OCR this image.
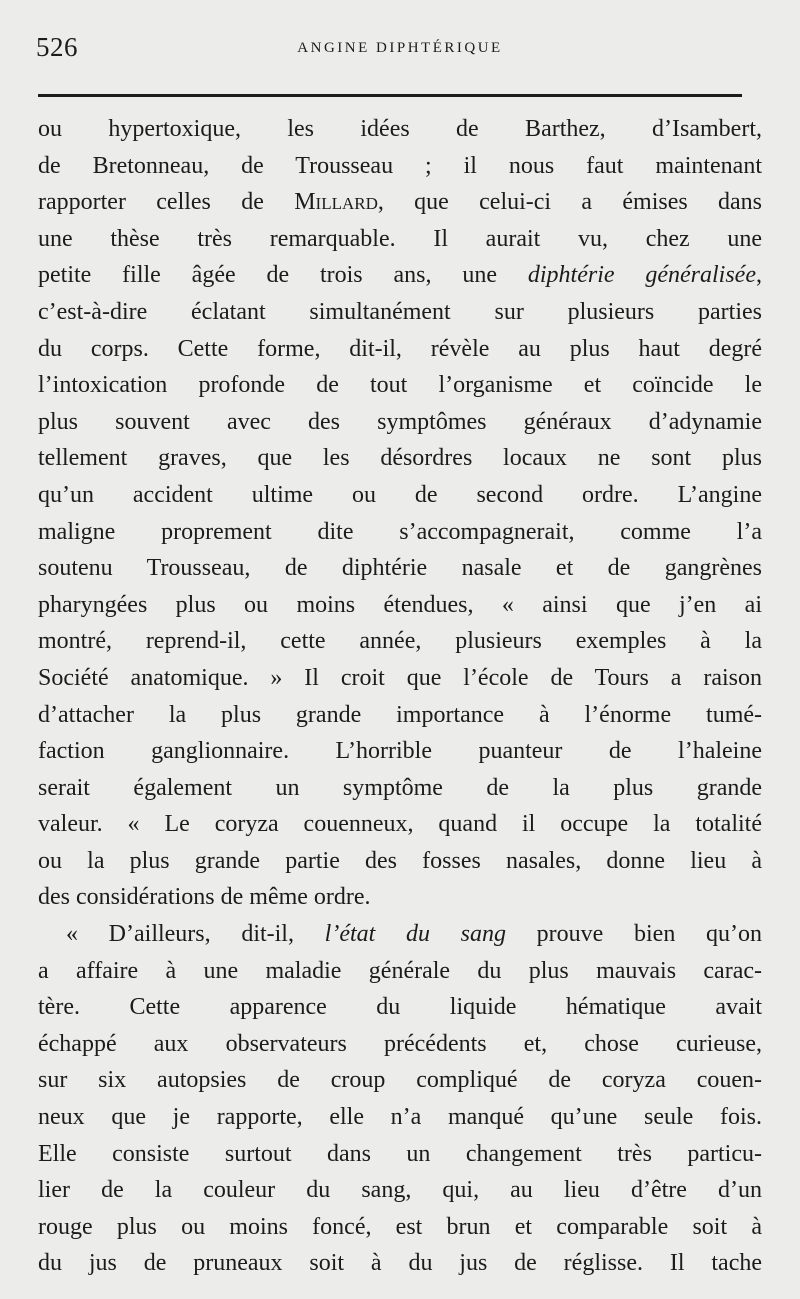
526	ANGINE DIPHTÉRIQUE
ou hypertoxique, les idées de Barthez, d’Isambert,
de Bretonneau, de Trousseau ; il nous faut maintenant
rapporter celles de Millard, que celui-ci a émises dans
une thèse très remarquable. Il aurait vu, chez une
petite fille âgée de trois ans, une diphtérie généralisée,
c’est-à-dire éclatant simultanément sur plusieurs parties
du corps. Cette forme, dit-il, révèle au plus haut degré
l’intoxication profonde de tout l’organisme et coïncide le
plus souvent avec des symptômes généraux d’adynamie
tellement graves, que les désordres locaux ne sont plus
qu’un accident ultime ou de second ordre. L’angine
maligne proprement dite s’accompagnerait, comme l’a
soutenu Trousseau, de diphtérie nasale et de gangrènes
pharyngées plus ou moins étendues, « ainsi que j’en ai
montré, reprend-il, cette année, plusieurs exemples à la
Société anatomique. » Il croit que l’école de Tours a raison
d’attacher la plus grande importance à l’énorme tumé-
faction ganglionnaire. L’horrible puanteur de l’haleine
serait également un symptôme de la plus grande
valeur. « Le coryza couenneux, quand il occupe la totalité
ou la plus grande partie des fosses nasales, donne lieu à
des considérations de même ordre.
« D’ailleurs, dit-il, l’état du sang prouve bien qu’on
a affaire à une maladie générale du plus mauvais carac-
tère. Cette apparence du liquide hématique avait
échappé aux observateurs précédents et, chose curieuse,
sur six autopsies de croup compliqué de coryza couen-
neux que je rapporte, elle n’a manqué qu’une seule fois.
Elle consiste surtout dans un changement très particu-
lier de la couleur du sang, qui, au lieu d’être d’un
rouge plus ou moins foncé, est brun et comparable soit à
du jus de pruneaux soit à du jus de réglisse. Il tache
